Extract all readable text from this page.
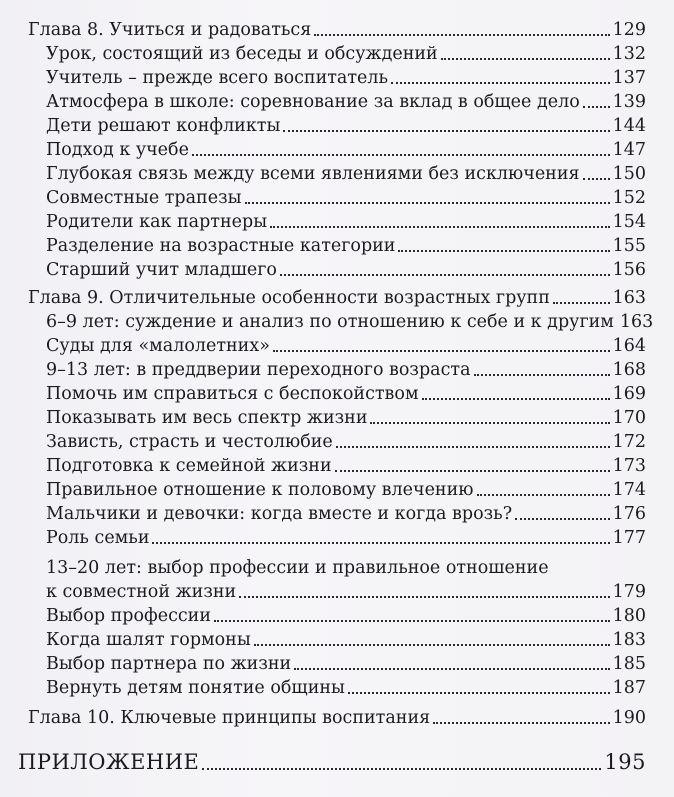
Глава 8. Учиться и радоваться	129
Урок, состоящий из беседы и обсуждений	132
Учитель – прежде всего воспитатель	137
Атмосфера в школе: соревнование за вклад в общее дело 139
Дети решают конфликты	144
Подход к учебе	147
Глубокая связь между всеми явлениями без исключения 150
Совместные трапезы	152
Родители как партнеры	154
Разделение на возрастные категории	155
Старший учит младшего	156
Глава 9. Отличительные особенности возрастных групп	163
6–9 лет: суждение и анализ по отношению к себе и к другим 163
Суды для «малолетних»	164
9–13 лет: в преддверии переходного возраста	168
Помочь им справиться с беспокойством	169
Показывать им весь спектр жизни	170
Зависть, страсть и честолюбие	172
Подготовка к семейной жизни	173
Правильное отношение к половому влечению	174
Мальчики и девочки: когда вместе и когда врозь?	176
Роль семьи	177
13–20 лет: выбор профессии и правильное отношение
к совместной жизни	179
Выбор профессии	180
Когда шалят гормоны	183
Выбор партнера по жизни	185
Вернуть детям понятие общины	187
Глава 10. Ключевые принципы воспитания	190
ПРИЛОЖЕНИЕ	195
